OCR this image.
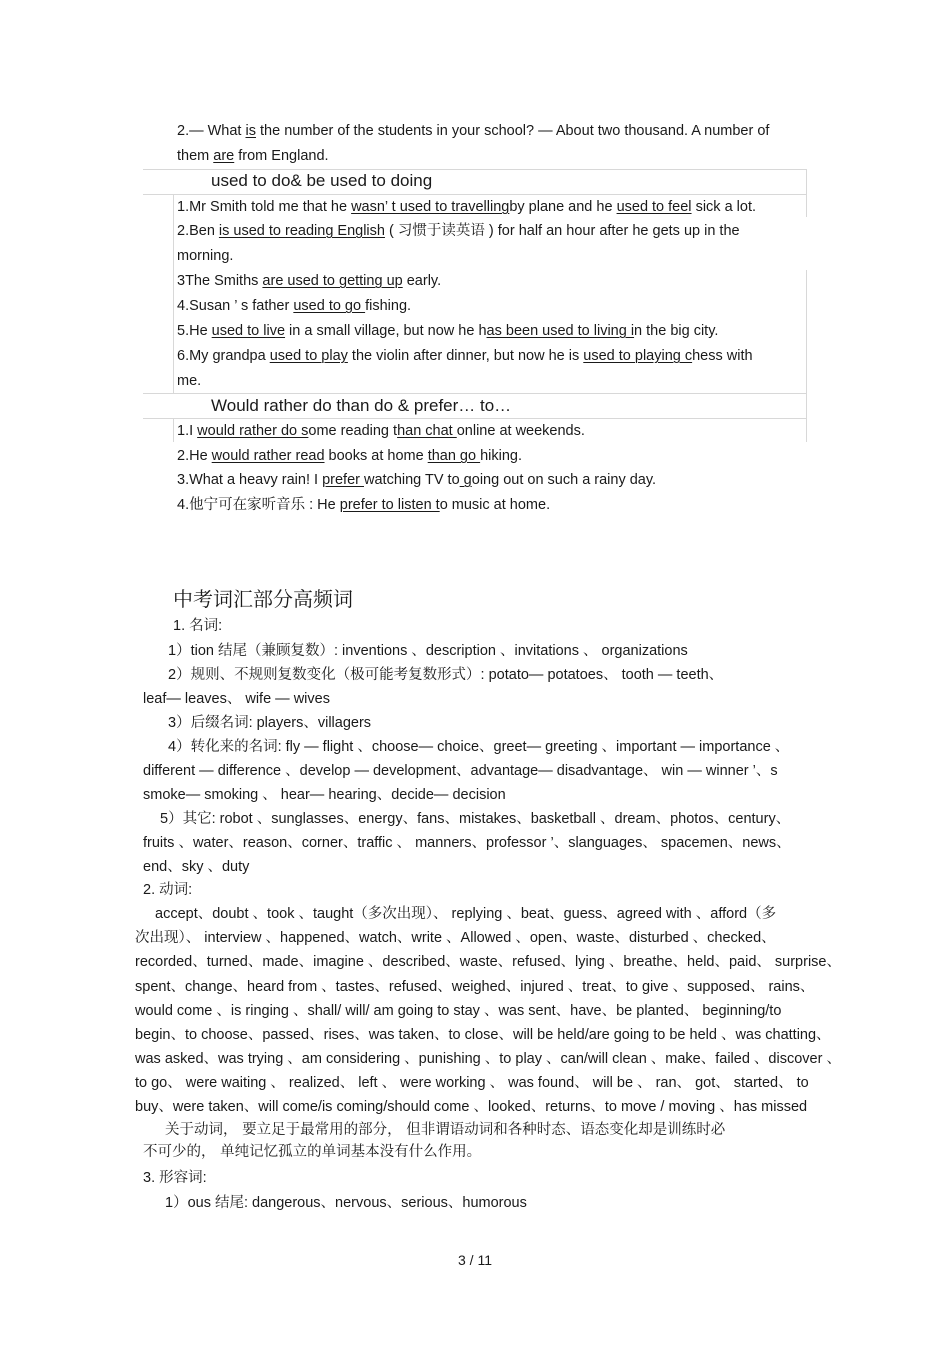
2.— What is the number of the students in your school? — About two thousand. A number of
them are from England.
used to do& be used to doing
1.Mr Smith told me that he wasn’ t used to travellingby plane and he used to feel sick a lot.
2.Ben is used to reading English ( 习惯于读英语 ) for half an hour after he gets up in the
morning.
3The Smiths are used to getting up early.
4.Susan ’ s father used to go fishing.
5.He used to live in a small village, but now he has been used to living in the big city.
6.My grandpa used to play the violin after dinner, but now he is used to playing chess with
me.
Would rather do than do & prefer… to…
1.I would rather do some reading than chat online at weekends.
2.He would rather read books at home than go hiking.
3.What a heavy rain! I prefer watching TV to going out on such a rainy day.
4.他宁可在家听音乐 : He prefer to listen to music at home.
中考词汇部分高频词
1. 名词:
1）tion 结尾（兼顾复数）: inventions 、description 、invitations 、 organizations
2）规则、不规则复数变化（极可能考复数形式）: potato— potatoes、 tooth — teeth、
leaf— leaves、 wife — wives
3）后缀名词: players、villagers
4）转化来的名词: fly — flight 、choose— choice、greet— greeting 、important — importance 、
different — difference 、develop — development、advantage— disadvantage、 win — winner ’、s
smoke— smoking 、 hear— hearing、decide— decision
5）其它: robot 、sunglasses、energy、fans、mistakes、basketball 、dream、photos、century、
fruits 、water、reason、corner、traffic 、 manners、professor ’、slanguages、 spacemen、news、
end、sky 、duty
2. 动词:
accept、doubt 、took 、taught（多次出现）、 replying 、beat、guess、agreed with 、afford（多
次出现）、 interview 、happened、watch、write 、Allowed 、open、waste、disturbed 、checked、
recorded、turned、made、imagine 、described、waste、refused、lying 、breathe、held、paid、 surprise、
spent、change、heard from 、tastes、refused、weighed、injured 、treat、to give 、supposed、 rains、
would come 、is ringing 、shall/ will/ am going to stay 、was sent、have、be planted、 beginning/to
begin、to choose、passed、rises、was taken、to close、will be held/are going to be held 、was chatting、
was asked、was trying 、am considering 、punishing 、to play 、can/will clean 、make、failed 、discover 、
to go、 were waiting 、 realized、 left 、 were working 、 was found、 will be 、 ran、 got、 started、 to
buy、were taken、will come/is coming/should come 、looked、returns、to move / moving 、has missed
关于动词， 要立足于最常用的部分， 但非谓语动词和各种时态、语态变化却是训练时必
不可少的， 单纯记忆孤立的单词基本没有什么作用。
3. 形容词:
1）ous 结尾: dangerous、nervous、serious、humorous
3 / 11
